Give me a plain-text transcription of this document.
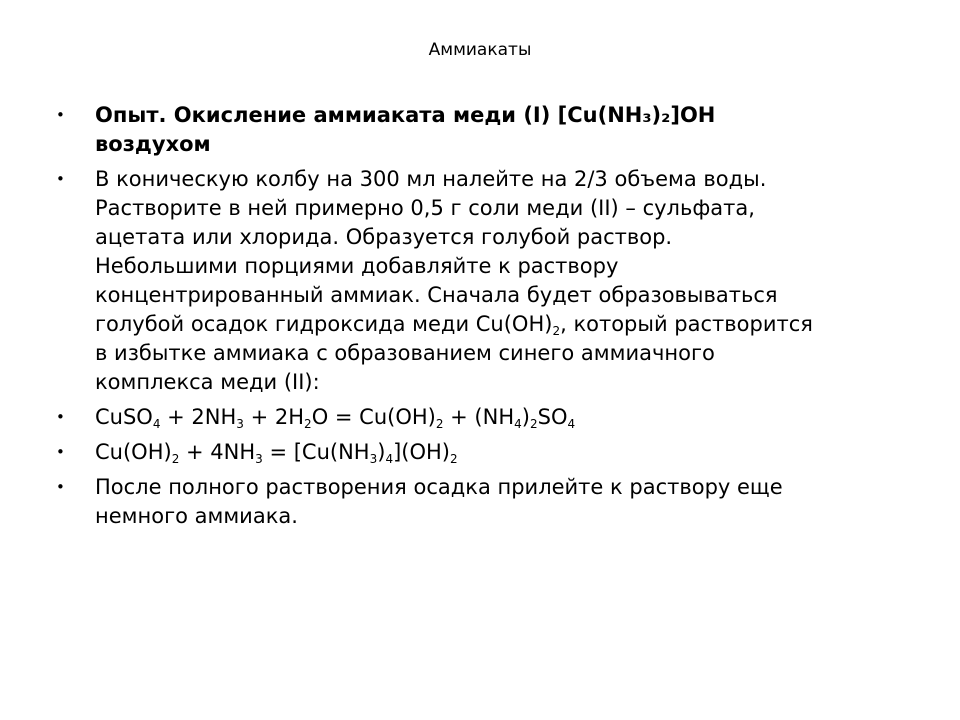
Аммиакаты
• Опыт. Окисление аммиаката меди (I) [Cu(NH₃)₂]OH
воздухом
• В коническую колбу на 300 мл налейте на 2/3 объема воды.
Растворите в ней примерно 0,5 г соли меди (II) – сульфата,
ацетата или хлорида. Образуется голубой раствор.
Небольшими порциями добавляйте к раствору
концентрированный аммиак. Сначала будет образовываться
голубой осадок гидроксида меди $Cu(OH)_2$, который растворится
в избытке аммиака с образованием синего аммиачного
комплекса меди (II):
• CuSO$_4$ + $2NH_3 + 2H_2O = Cu(OH)_2 + (NH_4)_2SO_4$
• $Cu(OH)_2 + 4NH_3 = [Cu(NH_3)_4](OH)_2$
• После полного растворения осадка прилейте к раствору еще
немного аммиака.
